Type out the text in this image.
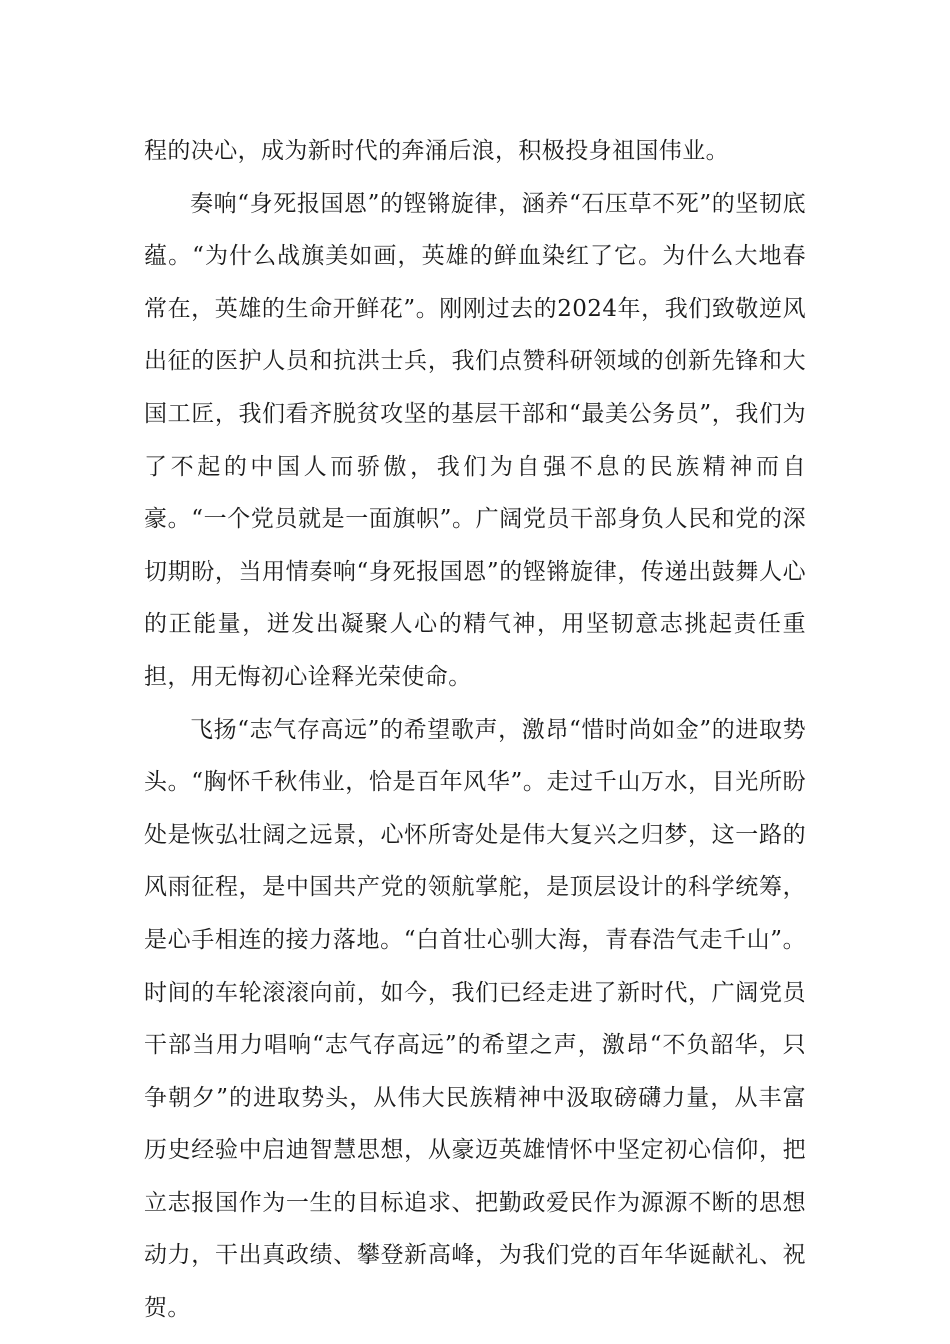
程的决心，成为新时代的奔涌后浪，积极投身祖国伟业。

奏响“身死报国恩”的铿锵旋律，涵养“石压草不死”的坚韧底蕴。“为什么战旗美如画，英雄的鲜血染红了它。为什么大地春常在，英雄的生命开鲜花”。刚刚过去的2024年，我们致敬逆风出征的医护人员和抗洪士兵，我们点赞科研领域的创新先锋和大国工匠，我们看齐脱贫攻坚的基层干部和“最美公务员”，我们为了不起的中国人而骄傲，我们为自强不息的民族精神而自豪。“一个党员就是一面旗帜”。广阔党员干部身负人民和党的深切期盼，当用情奏响“身死报国恩”的铿锵旋律，传递出鼓舞人心的正能量，迸发出凝聚人心的精气神，用坚韧意志挑起责任重担，用无悔初心诠释光荣使命。

飞扬“志气存高远”的希望歌声，激昂“惜时尚如金”的进取势头。“胸怀千秋伟业，恰是百年风华”。走过千山万水，目光所盼处是恢弘壮阔之远景，心怀所寄处是伟大复兴之归梦，这一路的风雨征程，是中国共产党的领航掌舵，是顶层设计的科学统筹，是心手相连的接力落地。“白首壮心驯大海，青春浩气走千山”。时间的车轮滚滚向前，如今，我们已经走进了新时代，广阔党员干部当用力唱响“志气存高远”的希望之声，激昂“不负韶华，只争朝夕”的进取势头，从伟大民族精神中汲取磅礴力量，从丰富历史经验中启迪智慧思想，从豪迈英雄情怀中坚定初心信仰，把立志报国作为一生的目标追求、把勤政爱民作为源源不断的思想动力，干出真政绩、攀登新高峰，为我们党的百年华诞献礼、祝贺。
